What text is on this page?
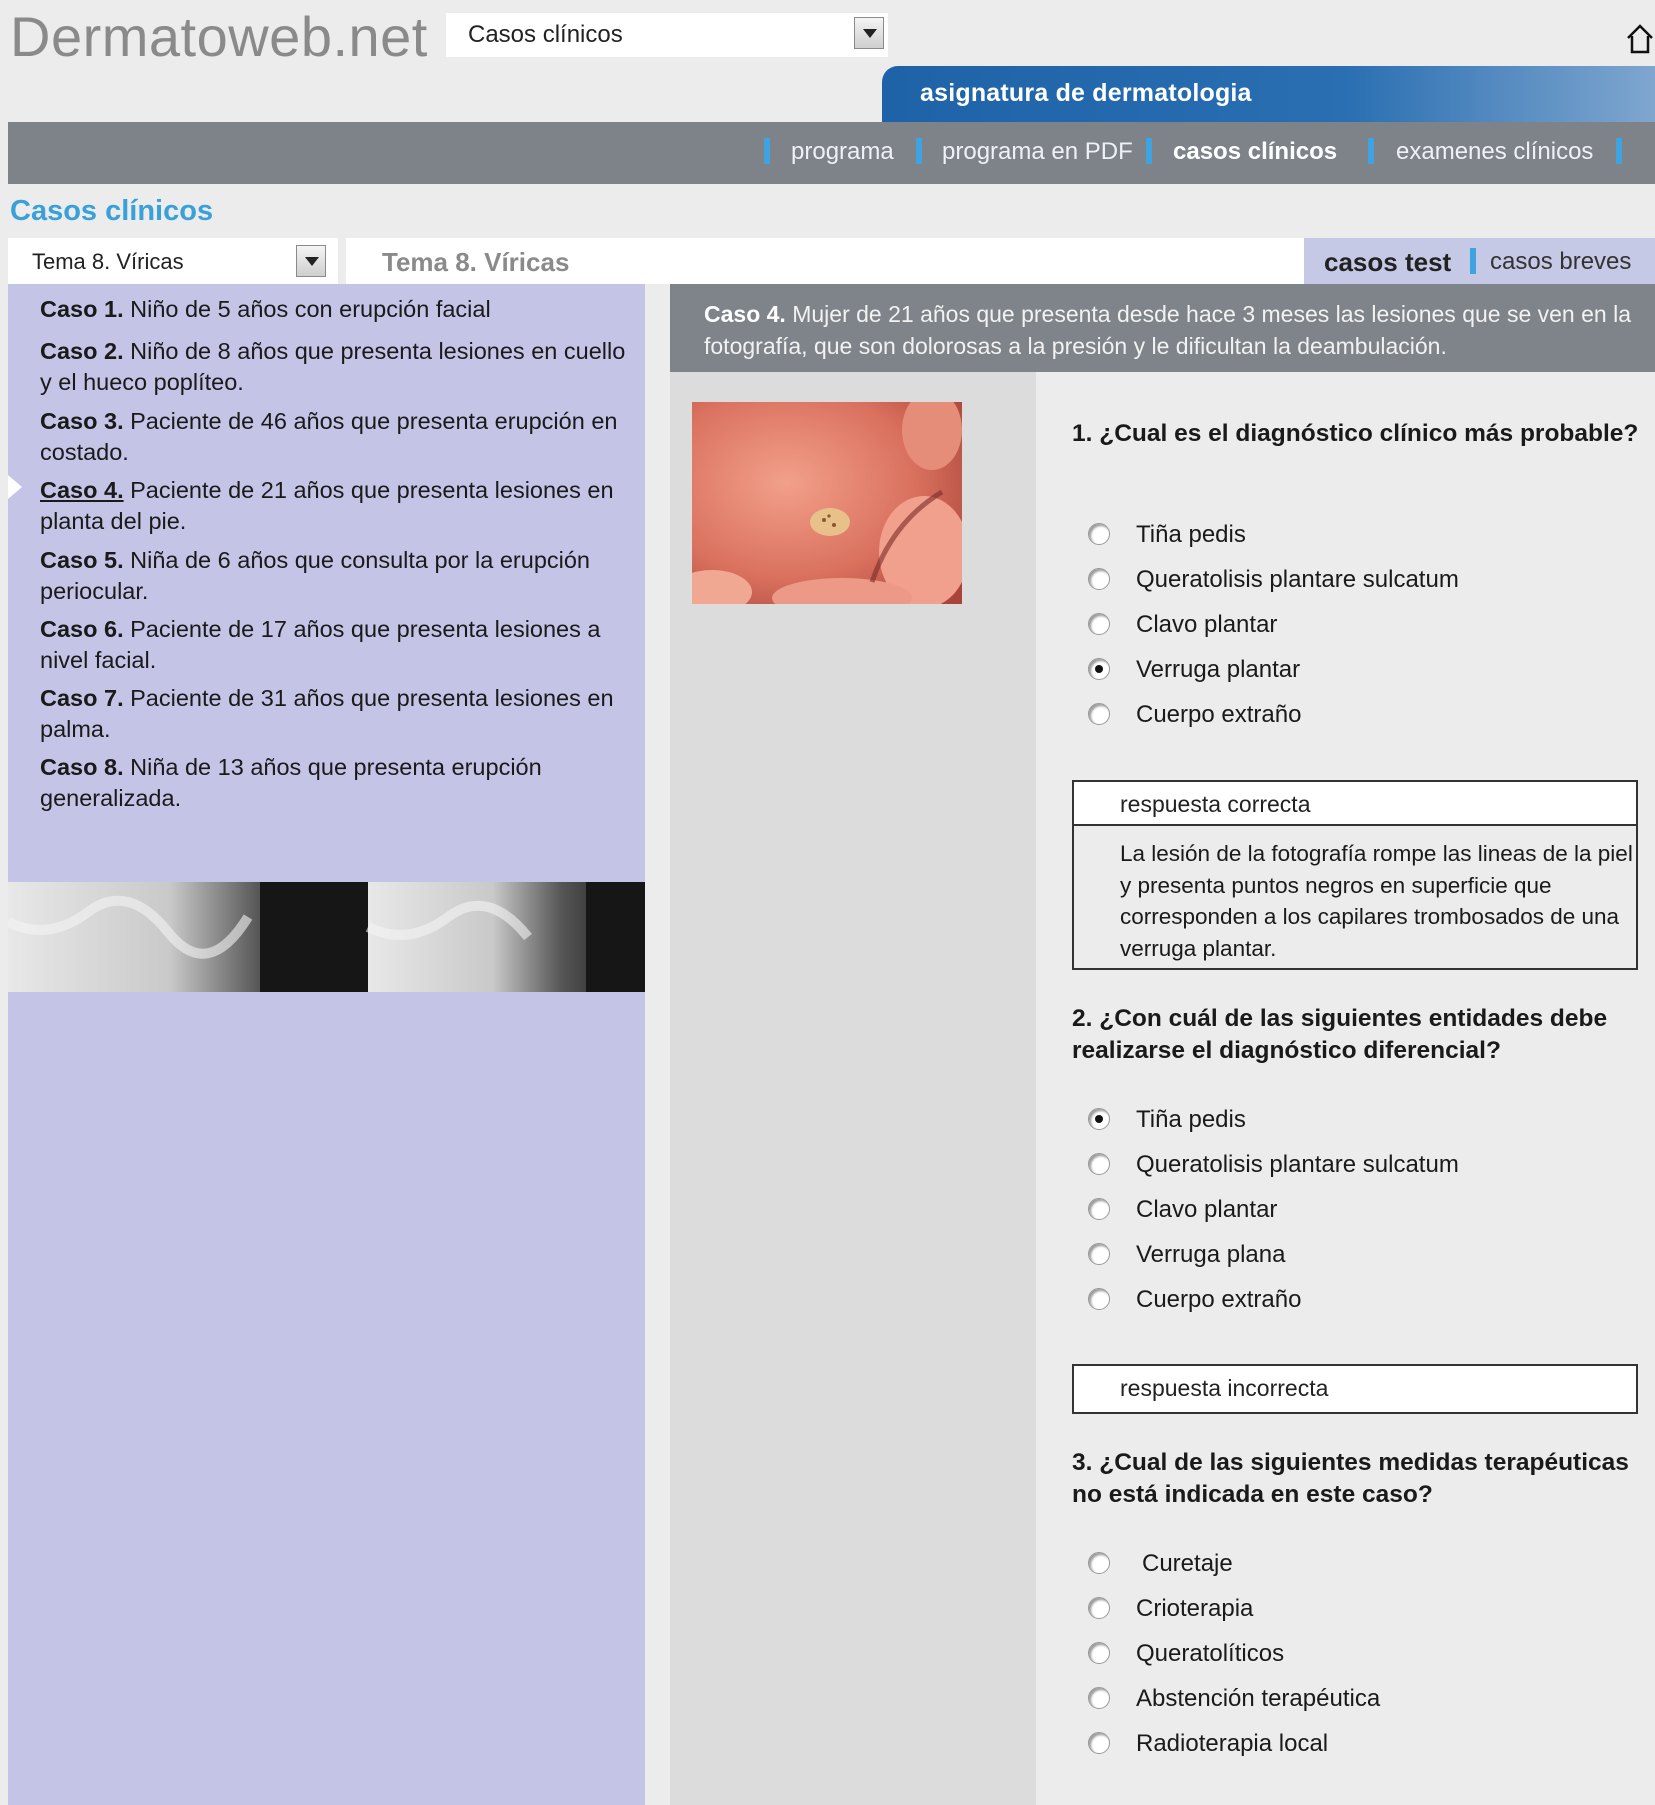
Dermatoweb.net Casos clínicos
asignatura de dermatologia
programa programa en PDF casos clínicos examenes clínicos
Casos clínicos
Tema 8. Víricas	Tema 8. Víricas	casos test casos breves
Caso 1. Niño de 5 años con erupción facial
Caso 2. Niño de 8 años que presenta lesiones en cuello y el hueco poplíteo.
Caso 3. Paciente de 46 años que presenta erupción en costado.
Caso 4. Paciente de 21 años que presenta lesiones en planta del pie.
Caso 5. Niña de 6 años que consulta por la erupción periocular.
Caso 6. Paciente de 17 años que presenta lesiones a nivel facial.
Caso 7. Paciente de 31 años que presenta lesiones en palma.
Caso 8. Niña de 13 años que presenta erupción generalizada.

Caso 4. Mujer de 21 años que presenta desde hace 3 meses las lesiones que se ven en la fotografía, que son dolorosas a la presión y le dificultan la deambulación.

1. ¿Cual es el diagnóstico clínico más probable?
Tiña pedis
Queratolisis plantare sulcatum
Clavo plantar
Verruga plantar
Cuerpo extraño
respuesta correcta
La lesión de la fotografía rompe las lineas de la piel y presenta puntos negros en superficie que corresponden a los capilares trombosados de una verruga plantar.
2. ¿Con cuál de las siguientes entidades debe realizarse el diagnóstico diferencial?
Tiña pedis
Queratolisis plantare sulcatum
Clavo plantar
Verruga plana
Cuerpo extraño
respuesta incorrecta
3. ¿Cual de las siguientes medidas terapéuticas no está indicada en este caso?
Curetaje
Crioterapia
Queratolíticos
Abstención terapéutica
Radioterapia local
